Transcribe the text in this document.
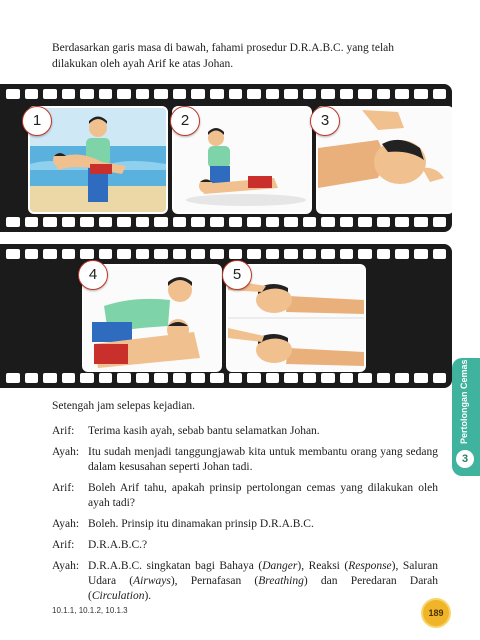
Berdasarkan garis masa di bawah, fahami prosedur D.R.A.B.C. yang telah dilakukan oleh ayah Arif ke atas Johan.
1	2	3
4	5
Setengah jam selepas kejadian.
Arif:	Terima kasih ayah, sebab bantu selamatkan Johan.
Ayah: Itu sudah menjadi tanggungjawab kita untuk membantu orang yang sedang dalam kesusahan seperti Johan tadi.
Arif:	Boleh Arif tahu, apakah prinsip pertolongan cemas yang dilakukan oleh ayah tadi?
Ayah: Boleh. Prinsip itu dinamakan prinsip D.R.A.B.C.
Arif:	D.R.A.B.C.?
Ayah: D.R.A.B.C. singkatan bagi Bahaya (Danger), Reaksi (Response), Saluran Udara (Airways), Pernafasan (Breathing) dan Peredaran Darah (Circulation).
Pertolongan Cemas
3
10.1.1, 10.1.2, 10.1.3	189
